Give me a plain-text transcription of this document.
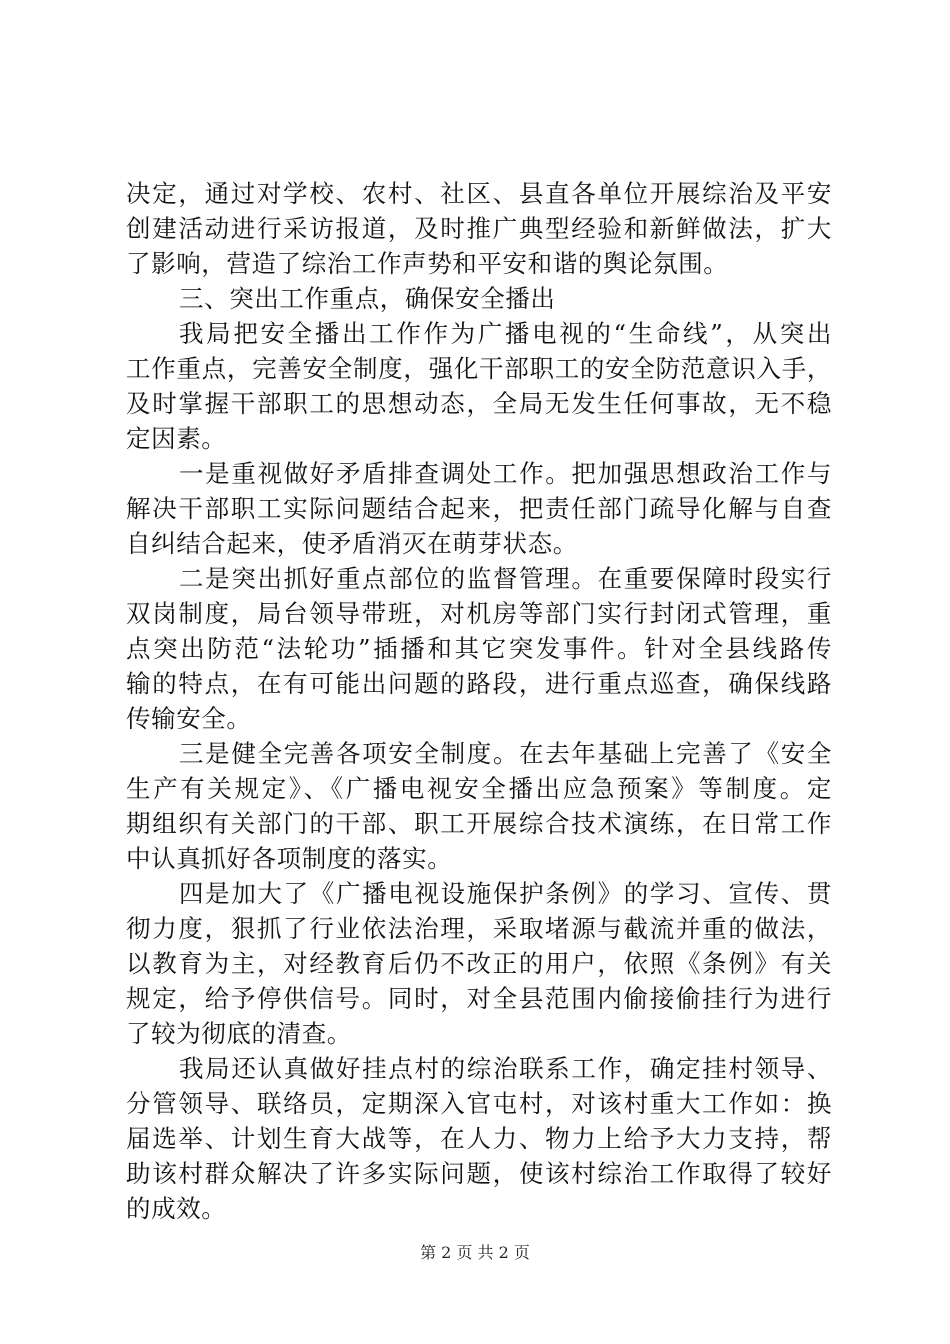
决定，通过对学校、农村、社区、县直各单位开展综治及平安
创建活动进行采访报道，及时推广典型经验和新鲜做法，扩大
了影响，营造了综治工作声势和平安和谐的舆论氛围。
三、突出工作重点，确保安全播出
我局把安全播出工作作为广播电视的“生命线”，从突出
工作重点，完善安全制度，强化干部职工的安全防范意识入手，
及时掌握干部职工的思想动态，全局无发生任何事故，无不稳
定因素。
一是重视做好矛盾排查调处工作。把加强思想政治工作与
解决干部职工实际问题结合起来，把责任部门疏导化解与自查
自纠结合起来，使矛盾消灭在萌芽状态。
二是突出抓好重点部位的监督管理。在重要保障时段实行
双岗制度，局台领导带班，对机房等部门实行封闭式管理，重
点突出防范“法轮功”插播和其它突发事件。针对全县线路传
输的特点，在有可能出问题的路段，进行重点巡查，确保线路
传输安全。
三是健全完善各项安全制度。在去年基础上完善了《安全
生产有关规定》、《广播电视安全播出应急预案》等制度。定
期组织有关部门的干部、职工开展综合技术演练，在日常工作
中认真抓好各项制度的落实。
四是加大了《广播电视设施保护条例》的学习、宣传、贯
彻力度，狠抓了行业依法治理，采取堵源与截流并重的做法，
以教育为主，对经教育后仍不改正的用户，依照《条例》有关
规定，给予停供信号。同时，对全县范围内偷接偷挂行为进行
了较为彻底的清查。
我局还认真做好挂点村的综治联系工作，确定挂村领导、
分管领导、联络员，定期深入官屯村，对该村重大工作如：换
届选举、计划生育大战等，在人力、物力上给予大力支持，帮
助该村群众解决了许多实际问题，使该村综治工作取得了较好
的成效。
第 2 页 共 2 页
